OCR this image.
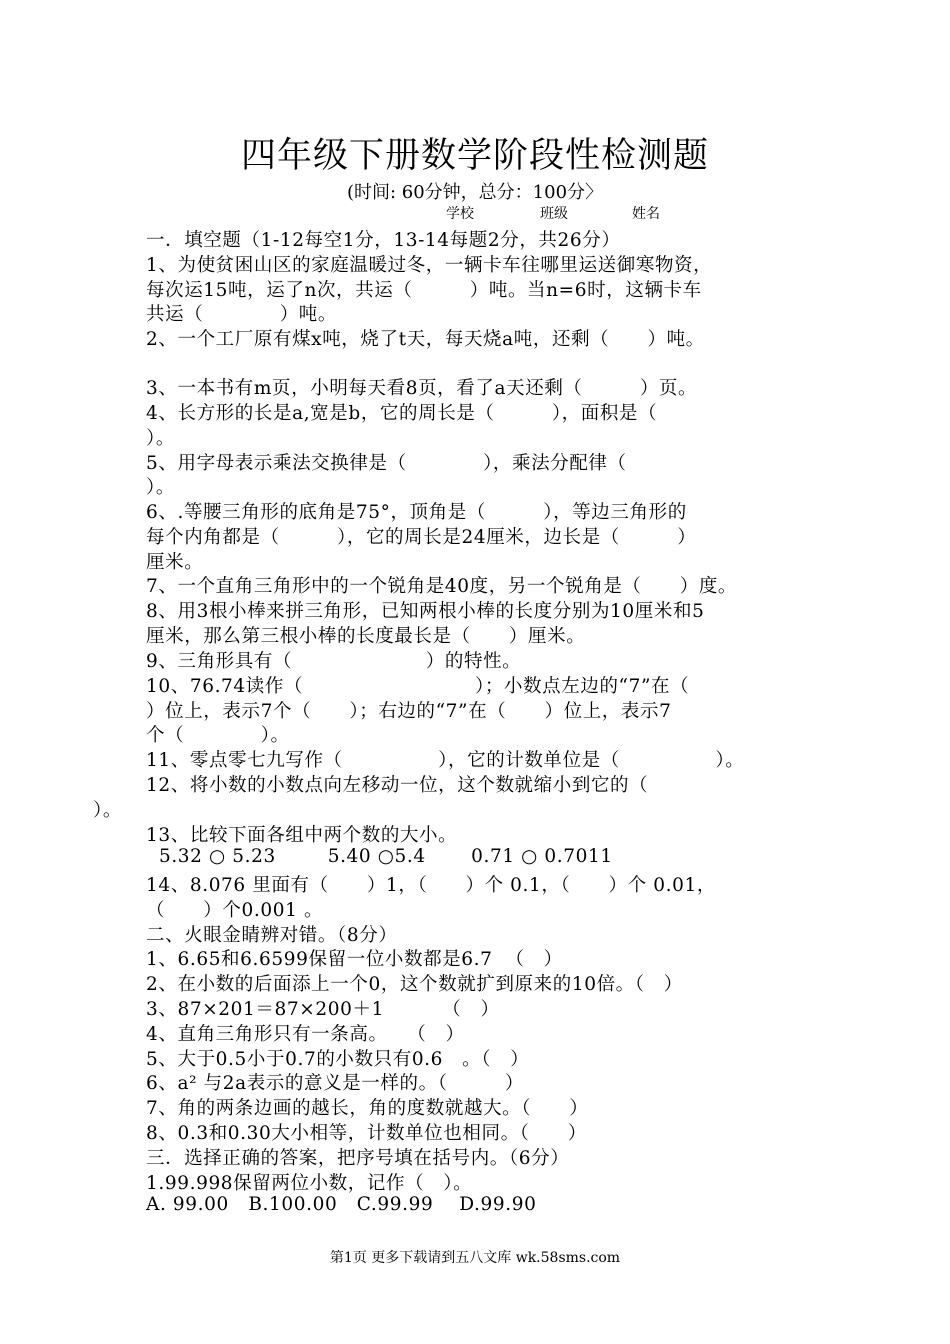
四年级下册数学阶段性检测题
(时间: 60分钟，总分：100分〉
学校	班级	姓名
一．填空题（1-12每空1分，13-14每题2分，共26分）
1、为使贫困山区的家庭温暖过冬，一辆卡车往哪里运送御寒物资，
每次运15吨，运了n次，共运（　　　）吨。当n=6时，这辆卡车
共运（　　　　）吨。
2、一个工厂原有煤x吨，烧了t天，每天烧a吨，还剩（　　）吨。
3、一本书有m页，小明每天看8页，看了a天还剩（　　　）页。
4、长方形的长是a,宽是b，它的周长是（　　　），面积是（
）。
5、用字母表示乘法交换律是（　　　　），乘法分配律（
）。
6、.等腰三角形的底角是75°，顶角是（　　　），等边三角形的
每个内角都是（　　　），它的周长是24厘米，边长是（　　　）
厘米。
7、一个直角三角形中的一个锐角是40度，另一个锐角是（　　）度。
8、用3根小棒来拼三角形，已知两根小棒的长度分别为10厘米和5
厘米，那么第三根小棒的长度最长是（　　）厘米。
9、三角形具有（　　　　　　　）的特性。
10、76.74读作（　　　　　　　　　）；小数点左边的“7”在（
）位上，表示7个（　　）；右边的“7”在（　　）位上，表示7
个（　　　　）。
11、零点零七九写作（　　　　　），它的计数单位是（　　　　　）。
12、将小数的小数点向左移动一位，这个数就缩小到它的（
）。
13、比较下面各组中两个数的大小。
5.32 ○ 5.23        5.40 ○5.4       0.71 ○ 0.7011
14、8.076 里面有（　　）1，（　　）个 0.1，（　　）个 0.01，
（　　）个0.001 。
二、火眼金睛辨对错。（8分）
1、6.65和6.6599保留一位小数都是6.7  （　）
2、在小数的后面添上一个0，这个数就扩到原来的10倍。（　）
3、87×201＝87×200＋1         （　）
4、直角三角形只有一条高。　　（　）
5、大于0.5小于0.7的小数只有0.6　。（　）
6、a² 与2a表示的意义是一样的。（　　　）
7、角的两条边画的越长，角的度数就越大。（　　）
8、0.3和0.30大小相等，计数单位也相同。（　　）
三．选择正确的答案，把序号填在括号内。（6分）
1.99.998保留两位小数，记作（　）。
A. 99.00   B.100.00   C.99.99    D.99.90
第1页 更多下载请到五八文库 wk.58sms.com
